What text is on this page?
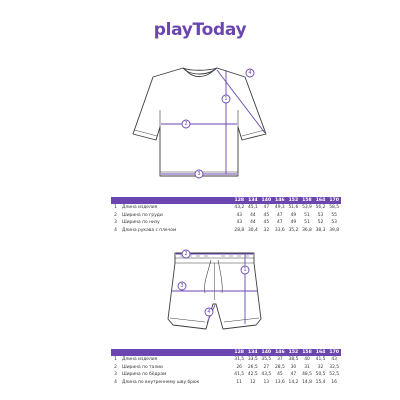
playToday
1
2
3
4
		128	134	140	146	152	158	164	170
1	Длина изделия	43,2	45,1	47	49,3	51,6	53,9	56,2	58,5
2	Ширина по груди	43	44	45	47	49	51	53	55
3	Ширина по низу	43	44	45	47	49	51	52	53
4	Длина рукава с плечом	28,8	30,4	32	33,6	35,2	36,8	38,3	39,8
1
2
3
4
		128	134	140	146	152	158	164	170
1	Длина изделия	31,5	33,5	35,5	37	38,5	40	41,5	43
2	Ширина по талии	26	26,5	27	28,5	30	31	32	32,5
3	Ширина по бёдрам	41,5	42,5	43,5	45	47	48,5	50,5	52,5
4	Длина по внутреннему шву брюк	11	12	13	13,6	14,2	14,8	15,4	16
